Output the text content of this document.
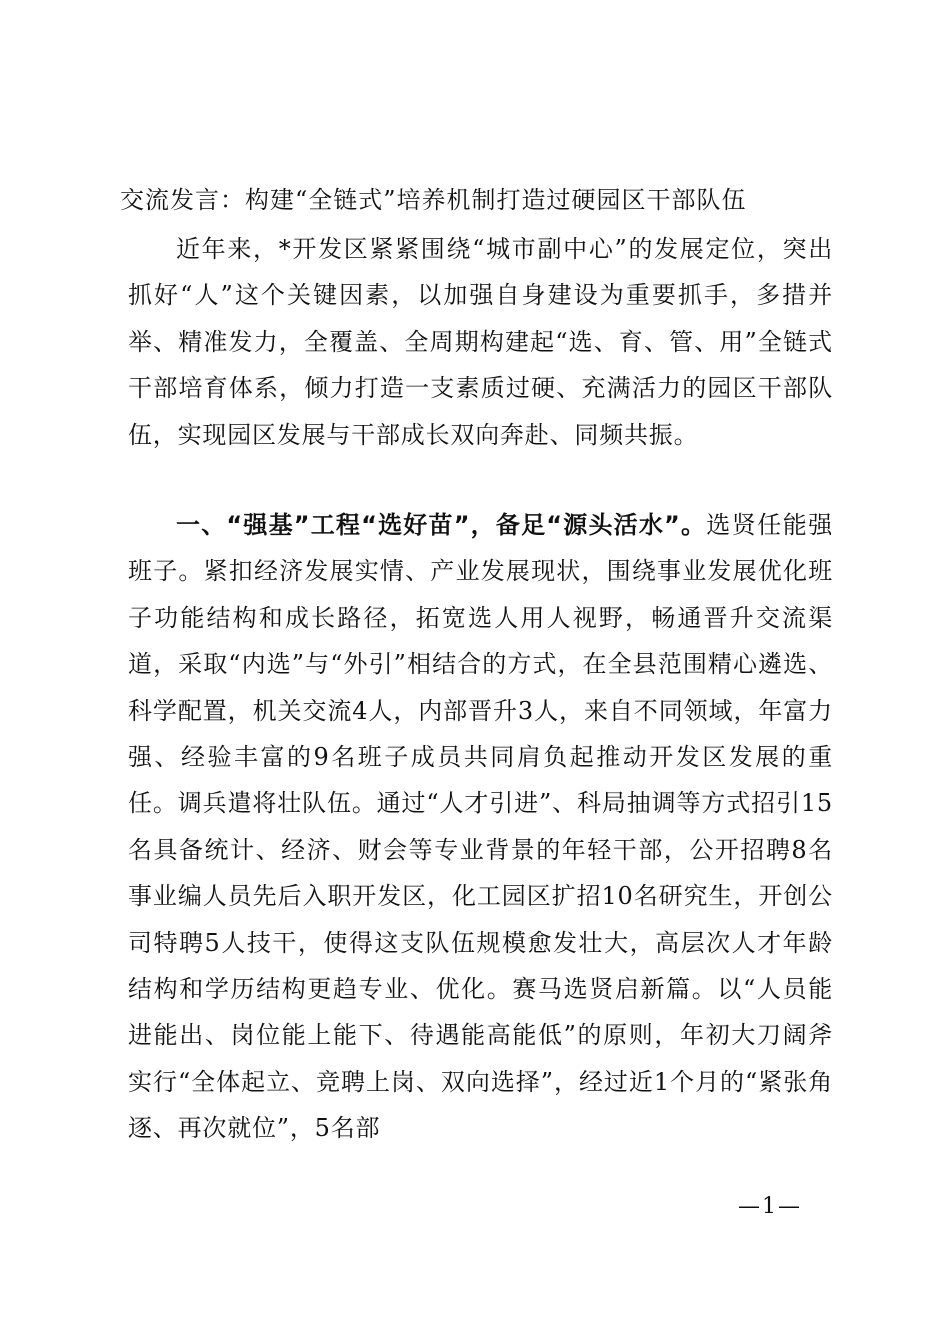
交流发言：构建“全链式”培养机制打造过硬园区干部队伍

近年来，*开发区紧紧围绕“城市副中心”的发展定位，突出抓好“人”这个关键因素，以加强自身建设为重要抓手，多措并举、精准发力，全覆盖、全周期构建起“选、育、管、用”全链式干部培育体系，倾力打造一支素质过硬、充满活力的园区干部队伍，实现园区发展与干部成长双向奔赴、同频共振。

一、“强基”工程“选好苗”，备足“源头活水”。选贤任能强班子。紧扣经济发展实情、产业发展现状，围绕事业发展优化班子功能结构和成长路径，拓宽选人用人视野，畅通晋升交流渠道，采取“内选”与“外引”相结合的方式，在全县范围精心遴选、科学配置，机关交流4人，内部晋升3人，来自不同领域，年富力强、经验丰富的9名班子成员共同肩负起推动开发区发展的重任。调兵遣将壮队伍。通过“人才引进”、科局抽调等方式招引15名具备统计、经济、财会等专业背景的年轻干部，公开招聘8名事业编人员先后入职开发区，化工园区扩招10名研究生，开创公司特聘5人技干，使得这支队伍规模愈发壮大，高层次人才年龄结构和学历结构更趋专业、优化。赛马选贤启新篇。以“人员能进能出、岗位能上能下、待遇能高能低”的原则，年初大刀阔斧实行“全体起立、竞聘上岗、双向选择”，经过近1个月的“紧张角逐、再次就位”，5名部

—1—
